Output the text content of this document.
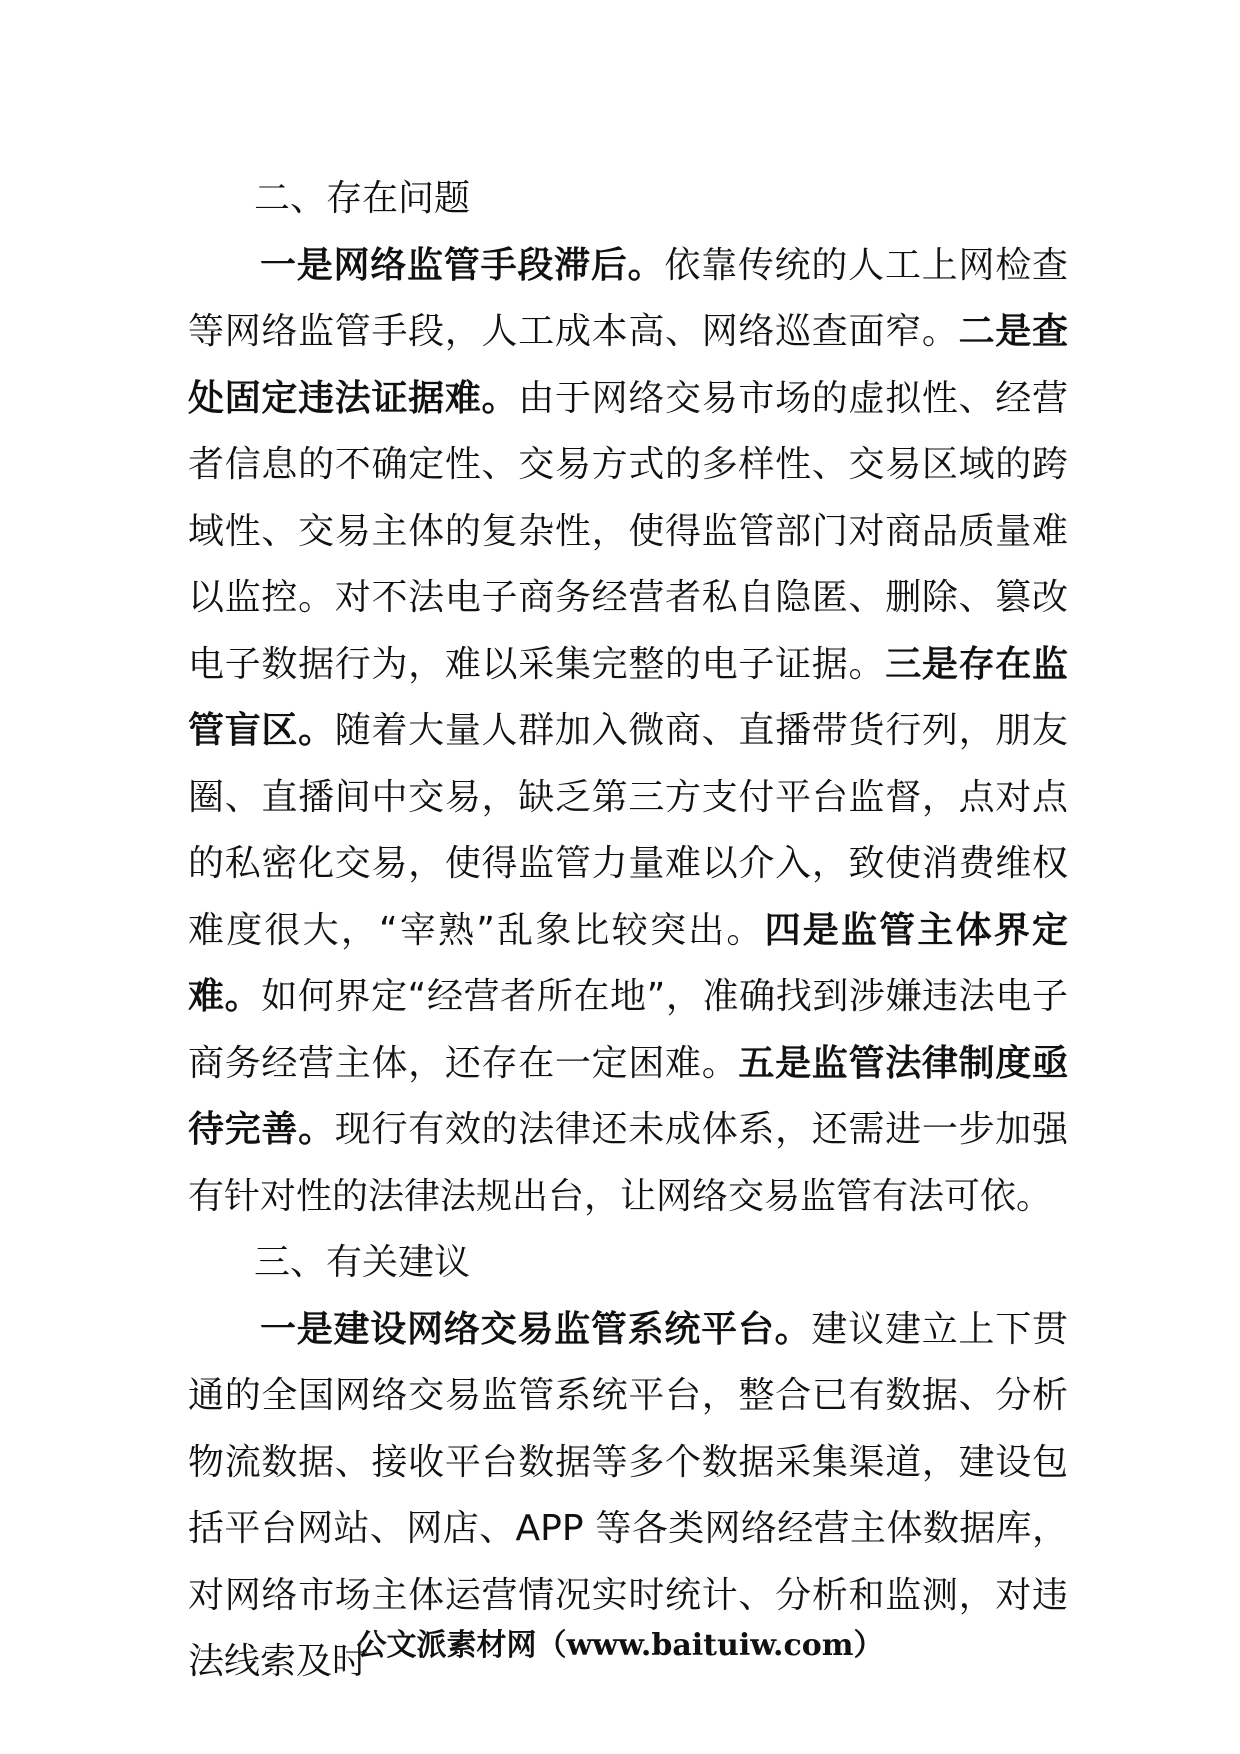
二、存在问题

一是网络监管手段滞后。依靠传统的人工上网检查等网络监管手段，人工成本高、网络巡查面窄。二是查处固定违法证据难。由于网络交易市场的虚拟性、经营者信息的不确定性、交易方式的多样性、交易区域的跨域性、交易主体的复杂性，使得监管部门对商品质量难以监控。对不法电子商务经营者私自隐匿、删除、篡改电子数据行为，难以采集完整的电子证据。三是存在监管盲区。随着大量人群加入微商、直播带货行列，朋友圈、直播间中交易，缺乏第三方支付平台监督，点对点的私密化交易，使得监管力量难以介入，致使消费维权难度很大，“宰熟”乱象比较突出。四是监管主体界定难。如何界定“经营者所在地”，准确找到涉嫌违法电子商务经营主体，还存在一定困难。五是监管法律制度亟待完善。现行有效的法律还未成体系，还需进一步加强有针对性的法律法规出台，让网络交易监管有法可依。

三、有关建议

一是建设网络交易监管系统平台。建议建立上下贯通的全国网络交易监管系统平台，整合已有数据、分析物流数据、接收平台数据等多个数据采集渠道，建设包括平台网站、网店、APP 等各类网络经营主体数据库，对网络市场主体运营情况实时统计、分析和监测，对违法线索及时

公文派素材网（www.baituiw.com）
